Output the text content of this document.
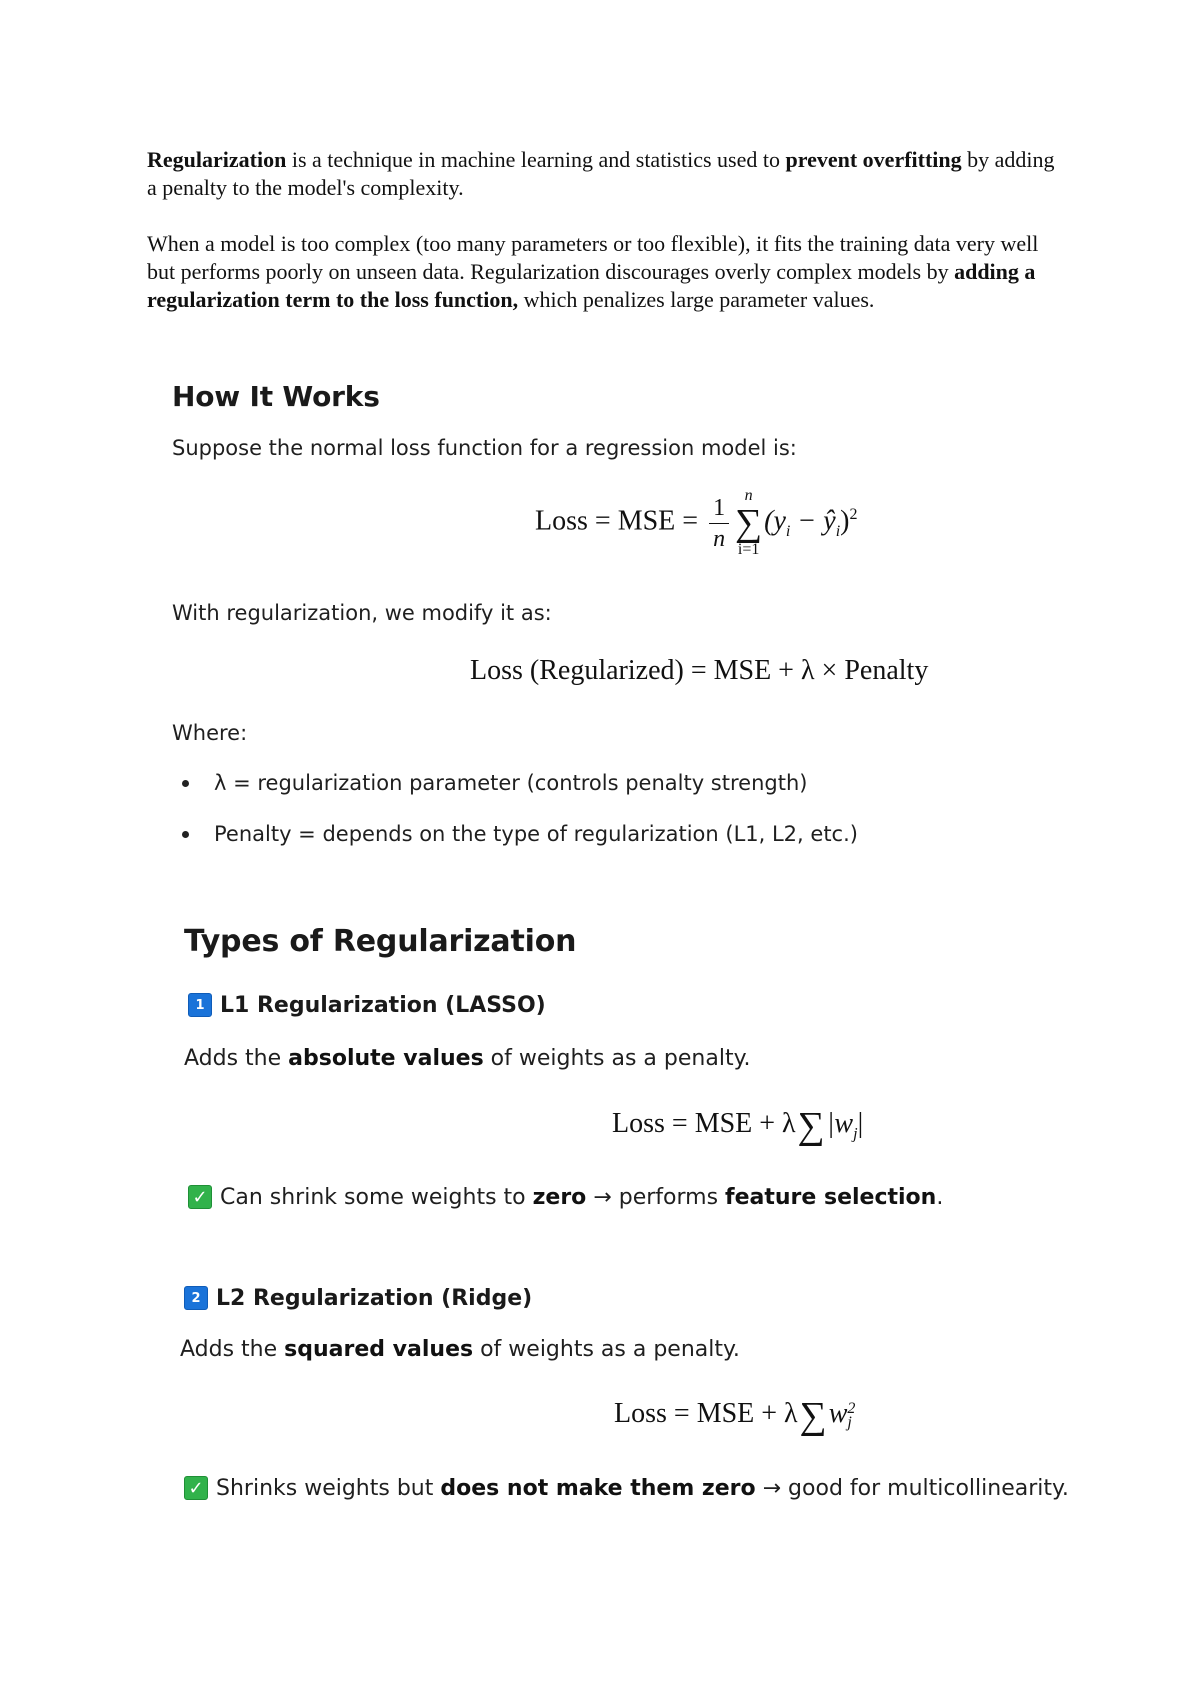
Regularization is a technique in machine learning and statistics used to prevent overfitting by adding a penalty to the model's complexity.

When a model is too complex (too many parameters or too flexible), it fits the training data very well but performs poorly on unseen data. Regularization discourages overly complex models by adding a regularization term to the loss function, which penalizes large parameter values.

How It Works
Suppose the normal loss function for a regression model is:
Loss = MSE = $\frac{1}{n}$ n
∑
i=1
($y_i$ − $ŷ_i)^2$
With regularization, we modify it as:
Loss (Regularized) = MSE + λ × Penalty
Where:
λ = regularization parameter (controls penalty strength)
Penalty = depends on the type of regularization (L1, L2, etc.)
Types of Regularization
1 L1 Regularization (LASSO)
Adds the absolute values of weights as a penalty.
Loss = MSE + $\lambda\sum|w_j|$
✓ Can shrink some weights to zero → performs feature selection.
2 L2 Regularization (Ridge)
Adds the squared values of weights as a penalty.
Loss = MSE + λ∑w 2
j
✓ Shrinks weights but does not make them zero → good for multicollinearity.
